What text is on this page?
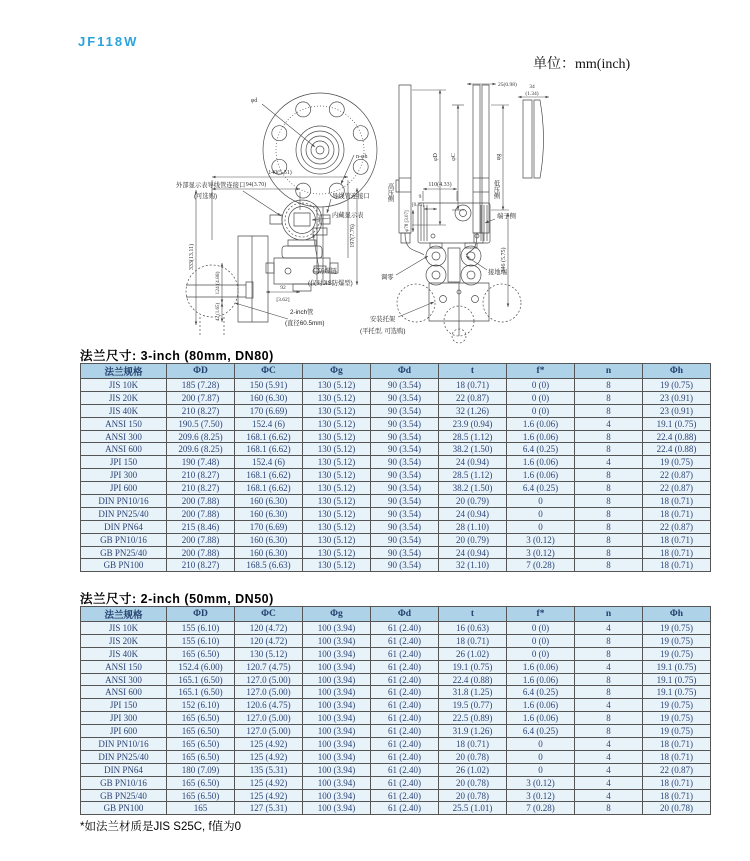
JF118W
单位：mm(inch)
φd
n-φh
140(5.51)
94(3.70)
333(13.11)
124 (4.88)
42 (1.65)
92
[3.62]
197(7.76)
外部显示表导线管连接口
(可选购)	导线管连接口
内藏显示表
防爆链
(仅对JIS防爆型)
2-inch管
(直径60.5mm)
25(0.98) 34
(1.34)
φD φC	φg
高压侧	低压侧
110(4.33)
9
[0.35]
φ78 [3.07]	端子侧
146 (5.75)
调零
接地端
安装托架
(平托型, 可选购)
法兰尺寸: 3-inch (80mm, DN80)
法兰规格	ΦD	ΦC	Φg	Φd	t	f*	n	Φh
JIS 10K	185 (7.28)	150 (5.91)	130 (5.12)	90 (3.54)	18 (0.71)	0 (0)	8	19 (0.75)
JIS 20K	200 (7.87)	160 (6.30)	130 (5.12)	90 (3.54)	22 (0.87)	0 (0)	8	23 (0.91)
JIS 40K	210 (8.27)	170 (6.69)	130 (5.12)	90 (3.54)	32 (1.26)	0 (0)	8	23 (0.91)
ANSI 150	190.5 (7.50)	152.4 (6)	130 (5.12)	90 (3.54)	23.9 (0.94)	1.6 (0.06)	4	19.1 (0.75)
ANSI 300	209.6 (8.25)	168.1 (6.62)	130 (5.12)	90 (3.54)	28.5 (1.12)	1.6 (0.06)	8	22.4 (0.88)
ANSI 600	209.6 (8.25)	168.1 (6.62)	130 (5.12)	90 (3.54)	38.2 (1.50)	6.4 (0.25)	8	22.4 (0.88)
JPI 150	190 (7.48)	152.4 (6)	130 (5.12)	90 (3.54)	24 (0.94)	1.6 (0.06)	4	19 (0.75)
JPI 300	210 (8.27)	168.1 (6.62)	130 (5.12)	90 (3.54)	28.5 (1.12)	1.6 (0.06)	8	22 (0.87)
JPI 600	210 (8.27)	168.1 (6.62)	130 (5.12)	90 (3.54)	38.2 (1.50)	6.4 (0.25)	8	22 (0.87)
DIN PN10/16	200 (7.88)	160 (6.30)	130 (5.12)	90 (3.54)	20 (0.79)	0	8	18 (0.71)
DIN PN25/40	200 (7.88)	160 (6.30)	130 (5.12)	90 (3.54)	24 (0.94)	0	8	18 (0.71)
DIN PN64	215 (8.46)	170 (6.69)	130 (5.12)	90 (3.54)	28 (1.10)	0	8	22 (0.87)
GB PN10/16	200 (7.88)	160 (6.30)	130 (5.12)	90 (3.54)	20 (0.79)	3 (0.12)	8	18 (0.71)
GB PN25/40	200 (7.88)	160 (6.30)	130 (5.12)	90 (3.54)	24 (0.94)	3 (0.12)	8	18 (0.71)
GB PN100	210 (8.27)	168.5 (6.63)	130 (5.12)	90 (3.54)	32 (1.10)	7 (0.28)	8	18 (0.71)
法兰尺寸: 2-inch (50mm, DN50)
法兰规格	ΦD	ΦC	Φg	Φd	t	f*	n	Φh
JIS 10K	155 (6.10)	120 (4.72)	100 (3.94)	61 (2.40)	16 (0.63)	0 (0)	4	19 (0.75)
JIS 20K	155 (6.10)	120 (4.72)	100 (3.94)	61 (2.40)	18 (0.71)	0 (0)	8	19 (0.75)
JIS 40K	165 (6.50)	130 (5.12)	100 (3.94)	61 (2.40)	26 (1.02)	0 (0)	8	19 (0.75)
ANSI 150	152.4 (6.00)	120.7 (4.75)	100 (3.94)	61 (2.40)	19.1 (0.75)	1.6 (0.06)	4	19.1 (0.75)
ANSI 300	165.1 (6.50)	127.0 (5.00)	100 (3.94)	61 (2.40)	22.4 (0.88)	1.6 (0.06)	8	19.1 (0.75)
ANSI 600	165.1 (6.50)	127.0 (5.00)	100 (3.94)	61 (2.40)	31.8 (1.25)	6.4 (0.25)	8	19.1 (0.75)
JPI 150	152 (6.10)	120.6 (4.75)	100 (3.94)	61 (2.40)	19.5 (0.77)	1.6 (0.06)	4	19 (0.75)
JPI 300	165 (6.50)	127.0 (5.00)	100 (3.94)	61 (2.40)	22.5 (0.89)	1.6 (0.06)	8	19 (0.75)
JPI 600	165 (6.50)	127.0 (5.00)	100 (3.94)	61 (2.40)	31.9 (1.26)	6.4 (0.25)	8	19 (0.75)
DIN PN10/16	165 (6.50)	125 (4.92)	100 (3.94)	61 (2.40)	18 (0.71)	0	4	18 (0.71)
DIN PN25/40	165 (6.50)	125 (4.92)	100 (3.94)	61 (2.40)	20 (0.78)	0	4	18 (0.71)
DIN PN64	180 (7.09)	135 (5.31)	100 (3.94)	61 (2.40)	26 (1.02)	0	4	22 (0.87)
GB PN10/16	165 (6.50)	125 (4.92)	100 (3.94)	61 (2.40)	20 (0.78)	3 (0.12)	4	18 (0.71)
GB PN25/40	165 (6.50)	125 (4.92)	100 (3.94)	61 (2.40)	20 (0.78)	3 (0.12)	4	18 (0.71)
GB PN100	165	127 (5.31)	100 (3.94)	61 (2.40)	25.5 (1.01)	7 (0.28)	8	20 (0.78)
*如法兰材质是JIS S25C, f值为0
